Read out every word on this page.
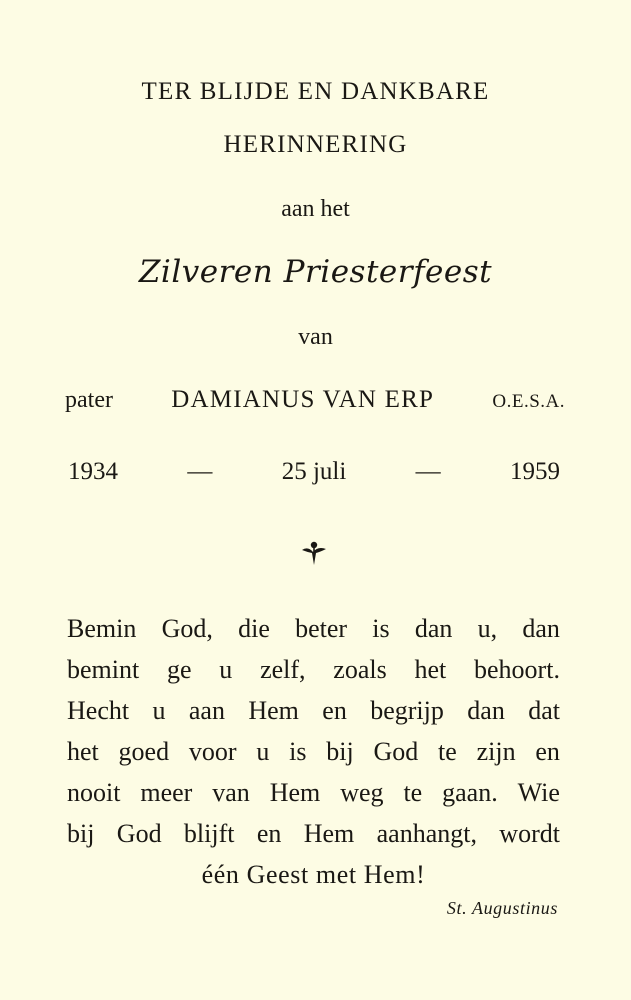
TER BLIJDE EN DANKBARE
HERINNERING
aan het
Zilveren Priesterfeest
van
pater DAMIANUS VAN ERP	O.E.S.A.
1934	—	25 juli	—	1959
Bemin God, die beter is dan u, dan
bemint ge u zelf, zoals het behoort.
Hecht u aan Hem en begrijp dan dat
het goed voor u is bij God te zijn en
nooit meer van Hem weg te gaan. Wie
bij God blijft en Hem aanhangt, wordt
één Geest met Hem!
St. Augustinus
